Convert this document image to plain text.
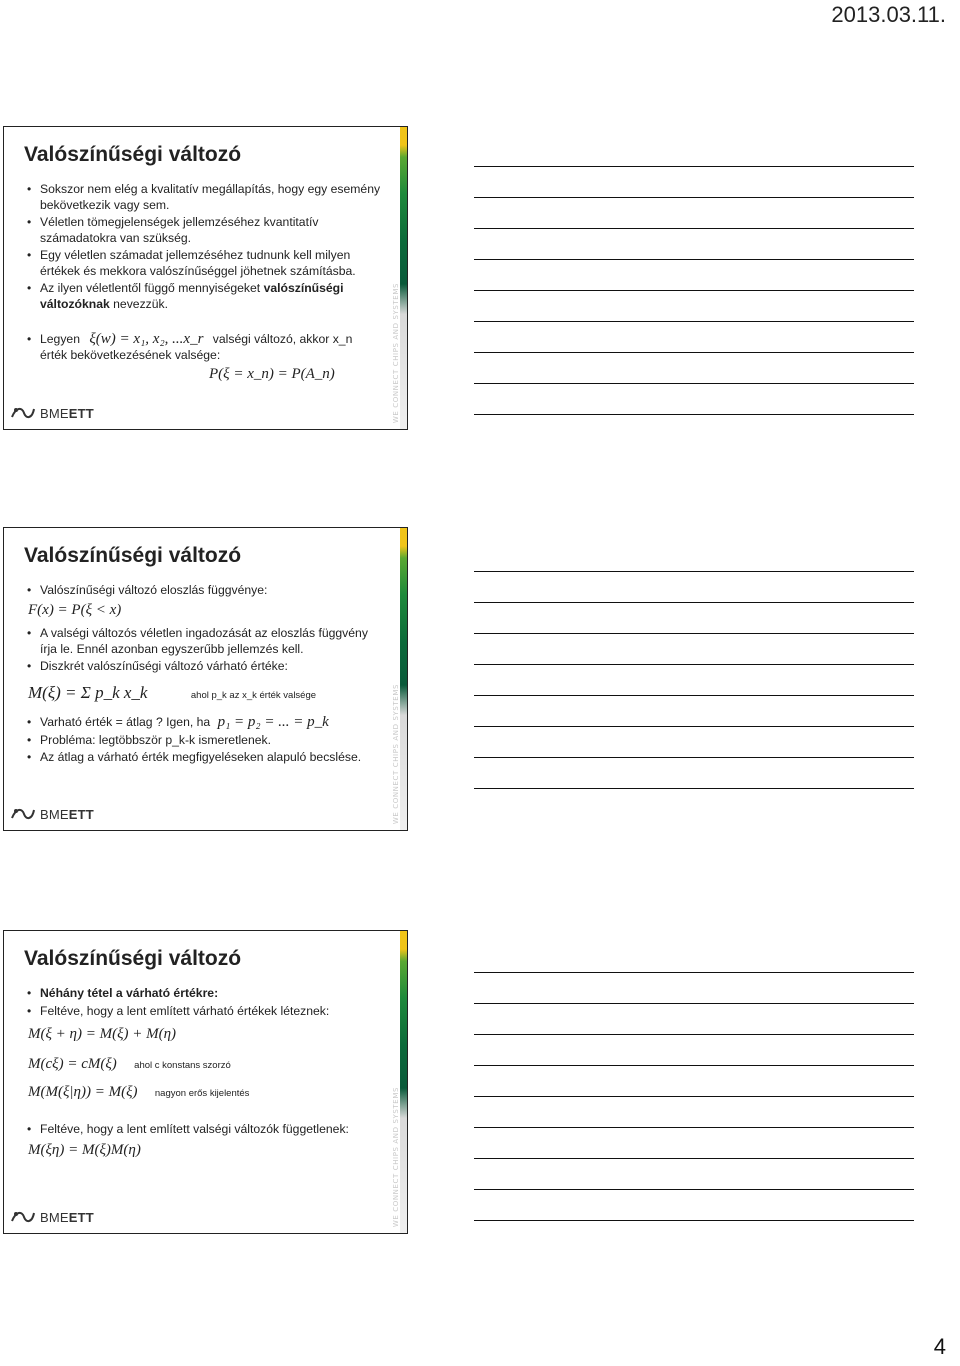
2013.03.11.
WE CONNECT CHIPS AND SYSTEMS
Valószínűségi változó
• Sokszor nem elég a kvalitatív megállapítás, hogy egy esemény bekövetkezik vagy sem.
• Véletlen tömegjelenségek jellemzéséhez kvantitatív számadatokra van szükség.
• Egy véletlen számadat jellemzéséhez tudnunk kell milyen értékek és mekkora valószínűséggel jöhetnek számításba.
• Az ilyen véletlentől függő mennyiségeket valószínűségi változóknak nevezzük.
• Legyen ξ(w) = x₁, x₂, ...x_r valségi változó, akkor x_n érték bekövetkezésének valsége:
P(ξ = x_n) = P(A_n)
BMEETT
WE CONNECT CHIPS AND SYSTEMS
Valószínűségi változó
• Valószínűségi változó eloszlás függvénye:
F(x) = P(ξ < x)
• A valségi változós véletlen ingadozását az eloszlás függvény írja le. Ennél azonban egyszerűbb jellemzés kell.
• Diszkrét valószínűségi változó várható értéke:
M(ξ) = Σ p_k x_k	ahol p_k az x_k érték valsége
• Varható érték = átlag ? Igen, ha p₁ = p₂ = ... = p_k
• Probléma: legtöbbször p_k-k ismeretlenek.
• Az átlag a várható érték megfigyeléseken alapuló becslése.
BMEETT
WE CONNECT CHIPS AND SYSTEMS
Valószínűségi változó
• Néhány tétel a várható értékre:
• Feltéve, hogy a lent említett várható értékek léteznek:
M(ξ + η) = M(ξ) + M(η)
M(cξ) = cM(ξ) ahol c konstans szorzó
M(M(ξ|η)) = M(ξ) nagyon erős kijelentés
• Feltéve, hogy a lent említett valségi változók függetlenek:
M(ξη) = M(ξ)M(η)
BMEETT
4
